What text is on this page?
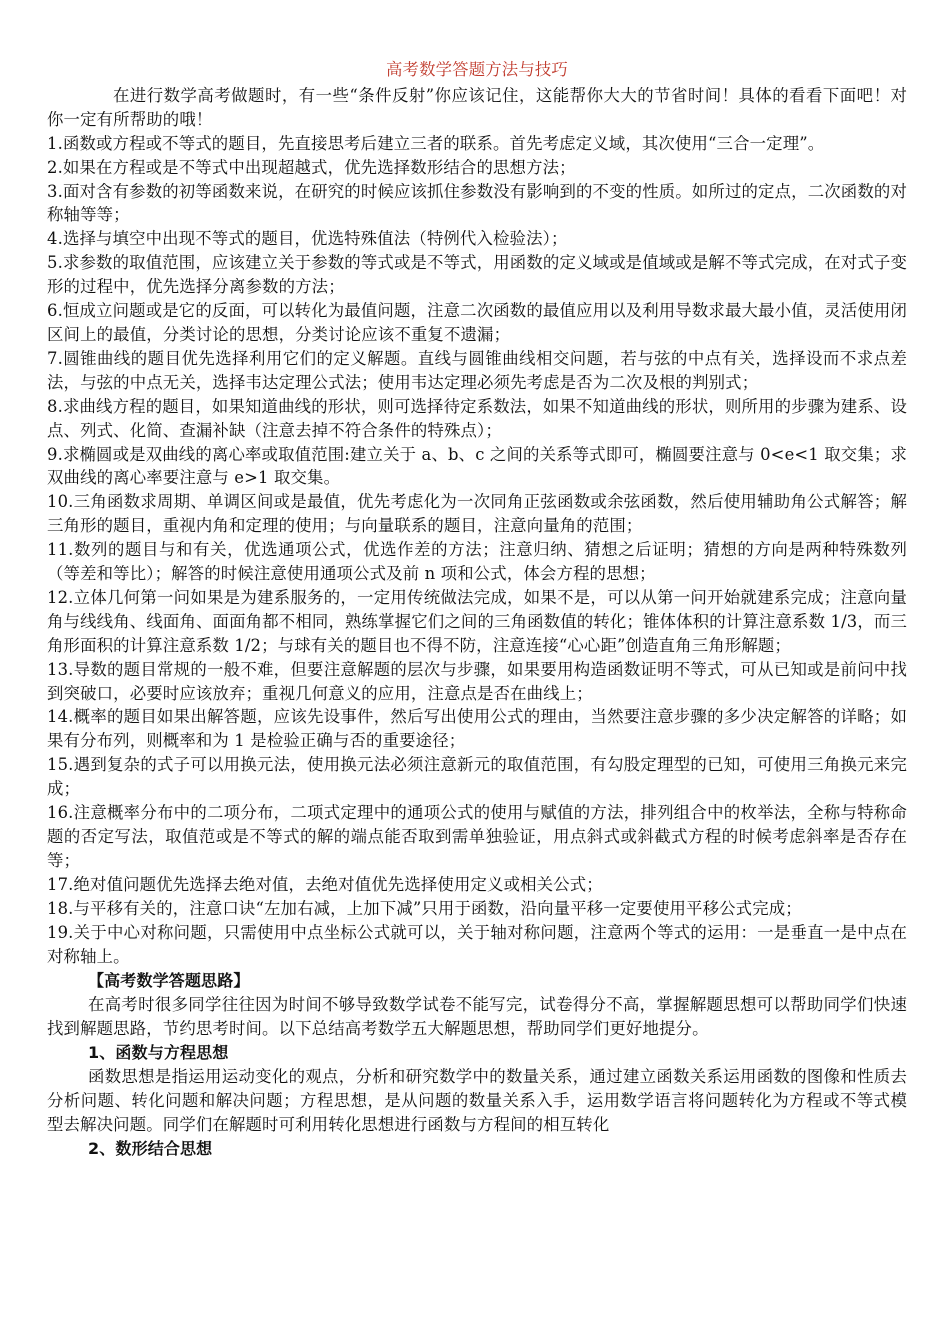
高考数学答题方法与技巧

在进行数学高考做题时，有一些“条件反射”你应该记住，这能帮你大大的节省时间！具体的看看下面吧！对你一定有所帮助的哦！

1.函数或方程或不等式的题目，先直接思考后建立三者的联系。首先考虑定义域，其次使用“三合一定理”。

2.如果在方程或是不等式中出现超越式，优先选择数形结合的思想方法；

3.面对含有参数的初等函数来说，在研究的时候应该抓住参数没有影响到的不变的性质。如所过的定点，二次函数的对称轴等等；

4.选择与填空中出现不等式的题目，优选特殊值法（特例代入检验法）；

5.求参数的取值范围，应该建立关于参数的等式或是不等式，用函数的定义域或是值域或是解不等式完成，在对式子变形的过程中，优先选择分离参数的方法；

6.恒成立问题或是它的反面，可以转化为最值问题，注意二次函数的最值应用以及利用导数求最大最小值，灵活使用闭区间上的最值，分类讨论的思想，分类讨论应该不重复不遗漏；

7.圆锥曲线的题目优先选择利用它们的定义解题。直线与圆锥曲线相交问题，若与弦的中点有关，选择设而不求点差法，与弦的中点无关，选择韦达定理公式法；使用韦达定理必须先考虑是否为二次及根的判别式；

8.求曲线方程的题目，如果知道曲线的形状，则可选择待定系数法，如果不知道曲线的形状，则所用的步骤为建系、设点、列式、化简、查漏补缺（注意去掉不符合条件的特殊点）；

9.求椭圆或是双曲线的离心率或取值范围:建立关于 a、b、c 之间的关系等式即可，椭圆要注意与 0<e<1 取交集；求双曲线的离心率要注意与 e>1 取交集。

10.三角函数求周期、单调区间或是最值，优先考虑化为一次同角正弦函数或余弦函数，然后使用辅助角公式解答；解三角形的题目，重视内角和定理的使用；与向量联系的题目，注意向量角的范围；

11.数列的题目与和有关，优选通项公式，优选作差的方法；注意归纳、猜想之后证明；猜想的方向是两种特殊数列（等差和等比）；解答的时候注意使用通项公式及前 n 项和公式，体会方程的思想；

12.立体几何第一问如果是为建系服务的，一定用传统做法完成，如果不是，可以从第一问开始就建系完成；注意向量角与线线角、线面角、面面角都不相同，熟练掌握它们之间的三角函数值的转化；锥体体积的计算注意系数 1/3，而三角形面积的计算注意系数 1/2；与球有关的题目也不得不防，注意连接“心心距”创造直角三角形解题；

13.导数的题目常规的一般不难，但要注意解题的层次与步骤，如果要用构造函数证明不等式，可从已知或是前问中找到突破口，必要时应该放弃；重视几何意义的应用，注意点是否在曲线上；

14.概率的题目如果出解答题，应该先设事件，然后写出使用公式的理由，当然要注意步骤的多少决定解答的详略；如果有分布列，则概率和为 1 是检验正确与否的重要途径；

15.遇到复杂的式子可以用换元法，使用换元法必须注意新元的取值范围，有勾股定理型的已知，可使用三角换元来完成；

16.注意概率分布中的二项分布，二项式定理中的通项公式的使用与赋值的方法，排列组合中的枚举法，全称与特称命题的否定写法，取值范或是不等式的解的端点能否取到需单独验证，用点斜式或斜截式方程的时候考虑斜率是否存在等；

17.绝对值问题优先选择去绝对值，去绝对值优先选择使用定义或相关公式；

18.与平移有关的，注意口诀“左加右减，上加下减”只用于函数，沿向量平移一定要使用平移公式完成；

19.关于中心对称问题，只需使用中点坐标公式就可以，关于轴对称问题，注意两个等式的运用：一是垂直一是中点在对称轴上。

【高考数学答题思路】

在高考时很多同学往往因为时间不够导致数学试卷不能写完，试卷得分不高，掌握解题思想可以帮助同学们快速找到解题思路，节约思考时间。以下总结高考数学五大解题思想，帮助同学们更好地提分。

1、函数与方程思想

函数思想是指运用运动变化的观点，分析和研究数学中的数量关系，通过建立函数关系运用函数的图像和性质去分析问题、转化问题和解决问题；方程思想，是从问题的数量关系入手，运用数学语言将问题转化为方程或不等式模型去解决问题。同学们在解题时可利用转化思想进行函数与方程间的相互转化

2、数形结合思想
